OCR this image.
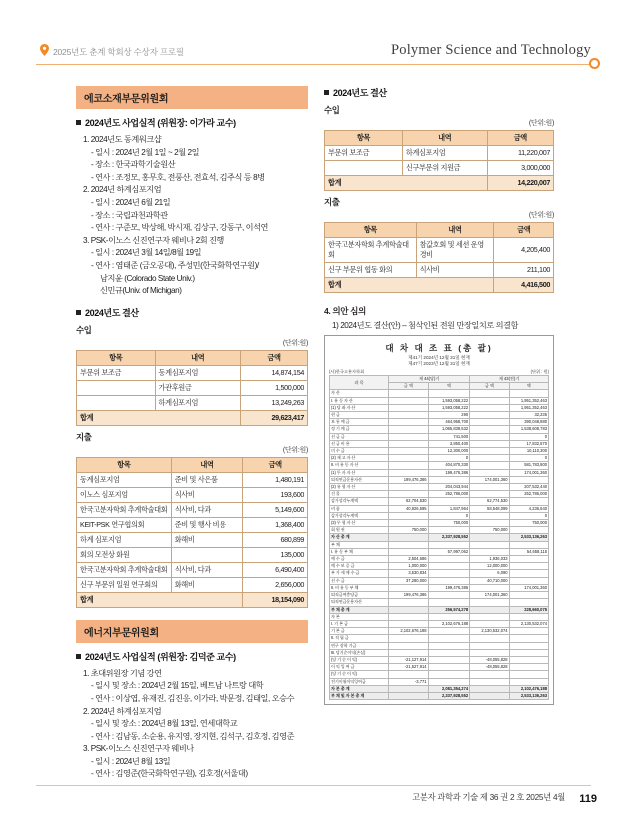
2025년도 춘계 학회상 수상자 프로필	Polymer Science and Technology
에코소재부문위원회
2024년도 사업실적 (위원장: 이가라 교수)
1. 2024년도 동계워크샵
- 일시 : 2024년 2월 1일 ~ 2월 2일
- 장소 : 한국과학기술원산
- 연사 : 조정모, 홍무호, 전풍산, 전효석, 김주식 등 8병
2. 2024년 하계심포지엄
- 일시 : 2024년 6월 21일
- 장소 : 국립과천과학관
- 연사 : 구준모, 박상해, 박시재, 김상구, 강동구, 이석연
3. PSK-이노스 신진연구자 웨비나 2회 진행
- 일시 : 2024년 3월 14일/8월 19일
- 연사 : 염태준 (금오공대), 주성민(한국화학연구원)/
남지윤 (Colorado State Univ.)
신민규(Univ. of Michigan)
2024년도 결산
수입
(단위:원)
항목	내역	금액
부문위 보조금	동계심포지엄	14,874,154
	가관후원금	1,500,000
	하계심포지엄	13,249,263
합계		29,623,417
지출
(단위:원)
항목	내역	금액
동계심포지엄	준비 및 사은품	1,480,191
이노스 심포지엄	식사비	193,600
한국고분자학회 추계학술대회	식사비, 다과	5,149,600
KEIT-PSK 연구협의회	준비 및 행사 비용	1,368,400
하계 심포지엄	화해비	680,899
회의 모전상 화원		135,000
한국고분자학회 추계학술대회	식사비, 다과	6,490,400
신구 부문위 일원 연구회의	화해비	2,656,000
합계		18,154,090
에너지부문위원회
2024년도 사업실적 (위원장: 김덕준 교수)
1. 초대위원장 기념 강연
- 일시 및 장소 : 2024년 2월 15일, 베트남 나트랑 대학
- 연사 : 이상엽, 유재진, 김진응, 이가라, 박문정, 김태일, 오승수
2. 2024년 하계심포지엄
- 일시 및 장소 : 2024년 8월 13일, 연세대학교
- 연사 : 김남동, 소순용, 유지영, 장지현, 김석구, 김호정, 김영준
3. PSK-이노스 신진연구자 웨비나
- 일시 : 2024년 8월 13일
- 연사 : 김영준(한국화학연구원), 김호정(서울대)
2024년도 결산
수입
(단위:원)
항목	내역	금액
부문위 보조금	하계심포지엄	11,220,007
	신구부문위 지원금	3,000,000
합계		14,220,007
지출
(단위:원)
항목	내역	금액
한국고분자학회 추계학술대회	참값호회 및 세션 운영 경비	4,205,400
신구 부문위 협동 화의	식사비	211,100
합계		4,416,500
4. 의안 심의
1) 2024년도 결산(안) – 첨삭인된 전원 만장일치로 의결함
대 차 대 조 표 (총 괄)
제41기 2024년 12월 31일 현재
제47기 2023년 12월 31일 현재
(사)한국고분자학회	(단위 : 원)
과 목	제 44(당)기		제 43(전)기	
	금 액	액	금 액	액
자 산				
Ⅰ. 유 동 자 산		1,593,058,222		1,951,352,463
(1) 당 좌 자 산		1,593,058,222		1,951,352,463
현 금		290		32,235
보 통 예 금		464,958,700		390,048,880
정 기 예 금		1,065,839,532		1,538,608,783
선 급 금		741,500		0
선 급 비 용		3,850,400		17,832,570
미 수 금		12,300,000		10,110,300
(2) 재 고 자 산		0		0
Ⅱ. 비 유 동 자 산		404,870,330		581,783,800
(1) 투 자 자 산		199,476,386		174,001,360
퇴직연금운용자산	199,476,386		174,001,360	
(2) 유 형 자 산		204,043,944		207,532,440
건 물		252,786,000		252,786,000
감가상각누계액	62,704,530		62,774,530	
비 품	40,926,595	1,847,964	58,548,099	4,236,640
감가상각누계액		0		0
(3) 무 형 자 산		750,000		750,000
회 원 권	750,000		750,000	
자 산 총 계		2,337,928,552		2,533,136,263
부 채				
Ⅰ. 유 동 부 채		57,997,062		54,658,115
예 수 금	2,504,686		1,936,033	
예 수 보 증 금	1,000,000		12,000,000	
부 가 세 예 수 금	3,530,834		6,090	
선 수 금	37,280,000		40,710,000	
Ⅱ. 비 유 동 부 채		199,476,386		174,001,360
퇴직급여충당금	199,476,386		174,001,360	
퇴직연금운용자산				
부 채 총 계		256,574,278		228,660,075
자 본				
Ⅰ. 기 본 금		2,102,676,188		2,130,532,074
기 본 금	2,102,676,188		2,130,532,074	
Ⅱ. 적 립 금				
연구 장학 기금				
Ⅲ. 당기순이익(손실)				
(당 기 순 이 익)	-21,127,914		-48,055,828	
이 익 잉 여 금	-21,527,914		-48,055,828	
(당 기 순 이 익)				
전기이월이익잉여금	-3,771			
자 본 총 계		2,081,354,274		2,102,476,188
부 채 및 자 본 총 계		2,337,928,552		2,533,136,263
고분자 과학과 기술 제 36 권 2 호 2025년 4월 119
